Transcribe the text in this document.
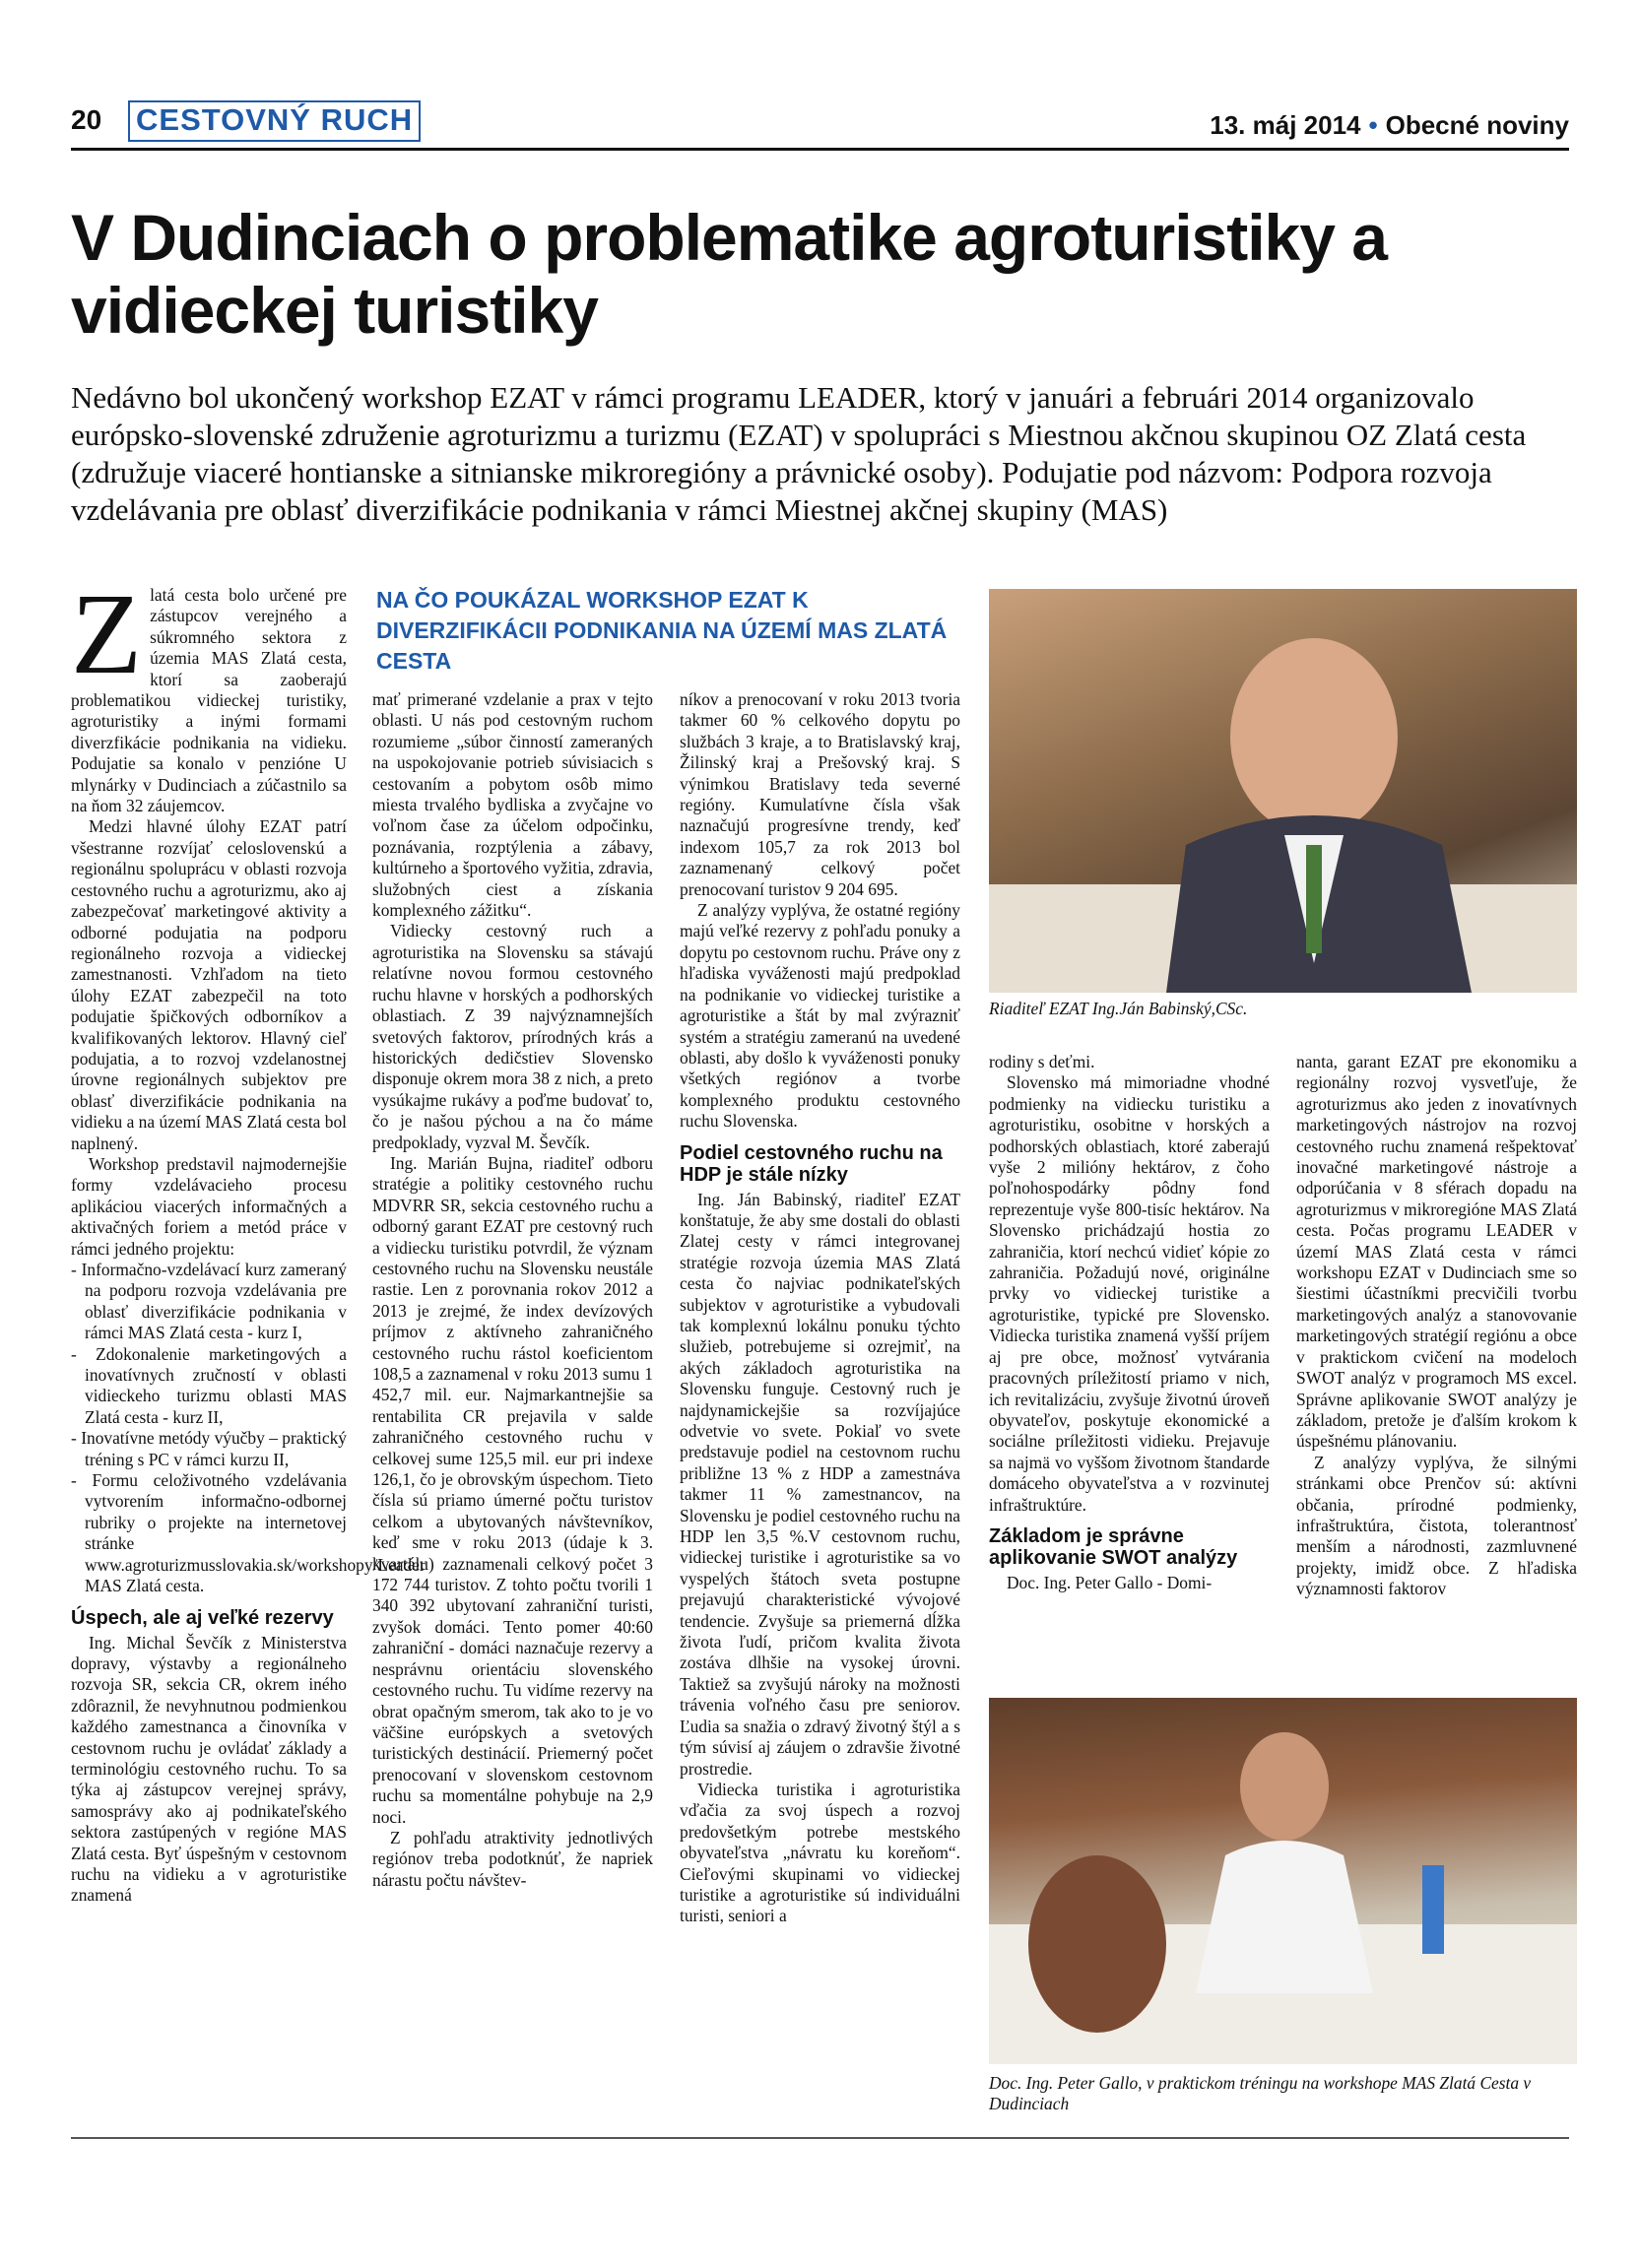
20 CESTOVNÝ RUCH	13. máj 2014 • Obecné noviny
V Dudinciach o problematike agroturistiky a vidieckej turistiky

Nedávno bol ukončený workshop EZAT v rámci programu LEADER, ktorý v januári a februári 2014 organizovalo európsko-slovenské združenie agroturizmu a turizmu (EZAT) v spolupráci s Miestnou akčnou skupinou OZ Zlatá cesta (združuje viaceré hontianske a sitnianske mikroregióny a právnické osoby). Podujatie pod názvom: Podpora rozvoja vzdelávania pre oblasť diverzifikácie podnikania v rámci Miestnej akčnej skupiny (MAS)

Zlatá cesta bolo určené pre zástupcov verejného a súkromného sektora z územia MAS Zlatá cesta, ktorí sa zaoberajú problematikou vidieckej turistiky, agroturistiky a inými formami diverzfikácie podnikania na vidieku. Podujatie sa konalo v penzióne U mlynárky v Dudinciach a zúčastnilo sa na ňom 32 záujemcov.

Medzi hlavné úlohy EZAT patrí všestranne rozvíjať celoslovenskú a regionálnu spoluprácu v oblasti rozvoja cestovného ruchu a agroturizmu, ako aj zabezpečovať marketingové aktivity a odborné podujatia na podporu regionálneho rozvoja a vidieckej zamestnanosti. Vzhľadom na tieto úlohy EZAT zabezpečil na toto podujatie špičkových odborníkov a kvalifikovaných lektorov. Hlavný cieľ podujatia, a to rozvoj vzdelanostnej úrovne regionálnych subjektov pre oblasť diverzifikácie podnikania na vidieku a na území MAS Zlatá cesta bol naplnený.

Workshop predstavil najmodernejšie formy vzdelávacieho procesu aplikáciou viacerých informačných a aktivačných foriem a metód práce v rámci jedného projektu:

- Informačno-vzdelávací kurz zameraný na podporu rozvoja vzdelávania pre oblasť diverzifikácie podnikania v rámci MAS Zlatá cesta - kurz I,
- Zdokonalenie marketingových a inovatívnych zručností v oblasti vidieckeho turizmu oblasti MAS Zlatá cesta - kurz II,
- Inovatívne metódy výučby – praktický tréning s PC v rámci kurzu II,
- Formu celoživotného vzdelávania vytvorením informačno-odbornej rubriky o projekte na internetovej stránke www.agroturizmusslovakia.sk/workshopy/Leader MAS Zlatá cesta.
Úspech, ale aj veľké rezervy

Ing. Michal Ševčík z Ministerstva dopravy, výstavby a regionálneho rozvoja SR, sekcia CR, okrem iného zdôraznil, že nevyhnutnou podmienkou každého zamestnanca a činovníka v cestovnom ruchu je ovládať základy a terminológiu cestovného ruchu. To sa týka aj zástupcov verejnej správy, samosprávy ako aj podnikateľského sektora zastúpených v regióne MAS Zlatá cesta. Byť úspešným v cestovnom ruchu na vidieku a v agroturistike znamená

NA ČO POUKÁZAL WORKSHOP EZAT K DIVERZIFIKÁCII PODNIKANIA NA ÚZEMÍ MAS ZLATÁ CESTA

mať primerané vzdelanie a prax v tejto oblasti. U nás pod cestovným ruchom rozumieme „súbor činností zameraných na uspokojovanie potrieb súvisiacich s cestovaním a pobytom osôb mimo miesta trvalého bydliska a zvyčajne vo voľnom čase za účelom odpočinku, poznávania, rozptýlenia a zábavy, kultúrneho a športového vyžitia, zdravia, služobných ciest a získania komplexného zážitku“.

Vidiecky cestovný ruch a agroturistika na Slovensku sa stávajú relatívne novou formou cestovného ruchu hlavne v horských a podhorských oblastiach. Z 39 najvýznamnejších svetových faktorov, prírodných krás a historických dedičstiev Slovensko disponuje okrem mora 38 z nich, a preto vysúkajme rukávy a poďme budovať to, čo je našou pýchou a na čo máme predpoklady, vyzval M. Ševčík.

Ing. Marián Bujna, riaditeľ odboru stratégie a politiky cestovného ruchu MDVRR SR, sekcia cestovného ruchu a odborný garant EZAT pre cestovný ruch a vidiecku turistiku potvrdil, že význam cestovného ruchu na Slovensku neustále rastie. Len z porovnania rokov 2012 a 2013 je zrejmé, že index devízových príjmov z aktívneho zahraničného cestovného ruchu rástol koeficientom 108,5 a zaznamenal v roku 2013 sumu 1 452,7 mil. eur. Najmarkantnejšie sa rentabilita CR prejavila v salde zahraničného cestovného ruchu v celkovej sume 125,5 mil. eur pri indexe 126,1, čo je obrovským úspechom. Tieto čísla sú priamo úmerné počtu turistov celkom a ubytovaných návštevníkov, keď sme v roku 2013 (údaje k 3. kvartálu) zaznamenali celkový počet 3 172 744 turistov. Z tohto počtu tvorili 1 340 392 ubytovaní zahraniční turisti, zvyšok domáci. Tento pomer 40:60 zahraniční - domáci naznačuje rezervy a nesprávnu orientáciu slovenského cestovného ruchu. Tu vidíme rezervy na obrat opačným smerom, tak ako to je vo väčšine európskych a svetových turistických destinácií. Priemerný počet prenocovaní v slovenskom cestovnom ruchu sa momentálne pohybuje na 2,9 noci.

Z pohľadu atraktivity jednotlivých regiónov treba podotknúť, že napriek nárastu počtu návštev-

níkov a prenocovaní v roku 2013 tvoria takmer 60 % celkového dopytu po službách 3 kraje, a to Bratislavský kraj, Žilinský kraj a Prešovský kraj. S výnimkou Bratislavy teda severné regióny. Kumulatívne čísla však naznačujú progresívne trendy, keď indexom 105,7 za rok 2013 bol zaznamenaný celkový počet prenocovaní turistov 9 204 695.

Z analýzy vyplýva, že ostatné regióny majú veľké rezervy z pohľadu ponuky a dopytu po cestovnom ruchu. Práve ony z hľadiska vyváženosti majú predpoklad na podnikanie vo vidieckej turistike a agroturistike a štát by mal zvýrazniť systém a stratégiu zameranú na uvedené oblasti, aby došlo k vyváženosti ponuky všetkých regiónov a tvorbe komplexného produktu cestovného ruchu Slovenska.

Podiel cestovného ruchu na HDP je stále nízky

Ing. Ján Babinský, riaditeľ EZAT konštatuje, že aby sme dostali do oblasti Zlatej cesty v rámci integrovanej stratégie rozvoja územia MAS Zlatá cesta čo najviac podnikateľských subjektov v agroturistike a vybudovali tak komplexnú lokálnu ponuku týchto služieb, potrebujeme si ozrejmiť, na akých základoch agroturistika na Slovensku funguje. Cestovný ruch je najdynamickejšie sa rozvíjajúce odvetvie vo svete. Pokiaľ vo svete predstavuje podiel na cestovnom ruchu približne 13 % z HDP a zamestnáva takmer 11 % zamestnancov, na Slovensku je podiel cestovného ruchu na HDP len 3,5 %.V cestovnom ruchu, vidieckej turistike i agroturistike sa vo vyspelých štátoch sveta postupne prejavujú charakteristické vývojové tendencie. Zvyšuje sa priemerná dĺžka života ľudí, pričom kvalita života zostáva dlhšie na vysokej úrovni. Taktiež sa zvyšujú nároky na možnosti trávenia voľného času pre seniorov. Ľudia sa snažia o zdravý životný štýl a s tým súvisí aj záujem o zdravšie životné prostredie.

Vidiecka turistika i agroturistika vďačia za svoj úspech a rozvoj predovšetkým potrebe mestského obyvateľstva „návratu ku koreňom“. Cieľovými skupinami vo vidieckej turistike a agroturistike sú individuálni turisti, seniori a

Riaditeľ EZAT Ing.Ján Babinský,CSc.

rodiny s deťmi.

Slovensko má mimoriadne vhodné podmienky na vidiecku turistiku a agroturistiku, osobitne v horských a podhorských oblastiach, ktoré zaberajú vyše 2 milióny hektárov, z čoho poľnohospodárky pôdny fond reprezentuje vyše 800-tisíc hektárov. Na Slovensko prichádzajú hostia zo zahraničia, ktorí nechcú vidieť kópie zo zahraničia. Požadujú nové, originálne prvky vo vidieckej turistike a agroturistike, typické pre Slovensko. Vidiecka turistika znamená vyšší príjem aj pre obce, možnosť vytvárania pracovných príležitostí priamo v nich, ich revitalizáciu, zvyšuje životnú úroveň obyvateľov, poskytuje ekonomické a sociálne príležitosti vidieku. Prejavuje sa najmä vo vyššom životnom štandarde domáceho obyvateľstva a v rozvinutej infraštruktúre.

Základom je správne aplikovanie SWOT analýzy

Doc. Ing. Peter Gallo - Domi-

nanta, garant EZAT pre ekonomiku a regionálny rozvoj vysvetľuje, že agroturizmus ako jeden z inovatívnych marketingových nástrojov na rozvoj cestovného ruchu znamená rešpektovať inovačné marketingové nástroje a odporúčania v 8 sférach dopadu na agroturizmus v mikroregióne MAS Zlatá cesta. Počas programu LEADER v území MAS Zlatá cesta v rámci workshopu EZAT v Dudinciach sme so šiestimi účastníkmi precvičili tvorbu marketingových analýz a stanovovanie marketingových stratégií regiónu a obce v praktickom cvičení na modeloch SWOT analýz v programoch MS excel. Správne aplikovanie SWOT analýzy je základom, pretože je ďalším krokom k úspešnému plánovaniu.

Z analýzy vyplýva, že silnými stránkami obce Prenčov sú: aktívni občania, prírodné podmienky, infraštruktúra, čistota, tolerantnosť menším a národnosti, zazmluvnené projekty, imidž obce. Z hľadiska významnosti faktorov

Doc. Ing. Peter Gallo, v praktickom tréningu na workshope MAS Zlatá Cesta v Dudinciach
